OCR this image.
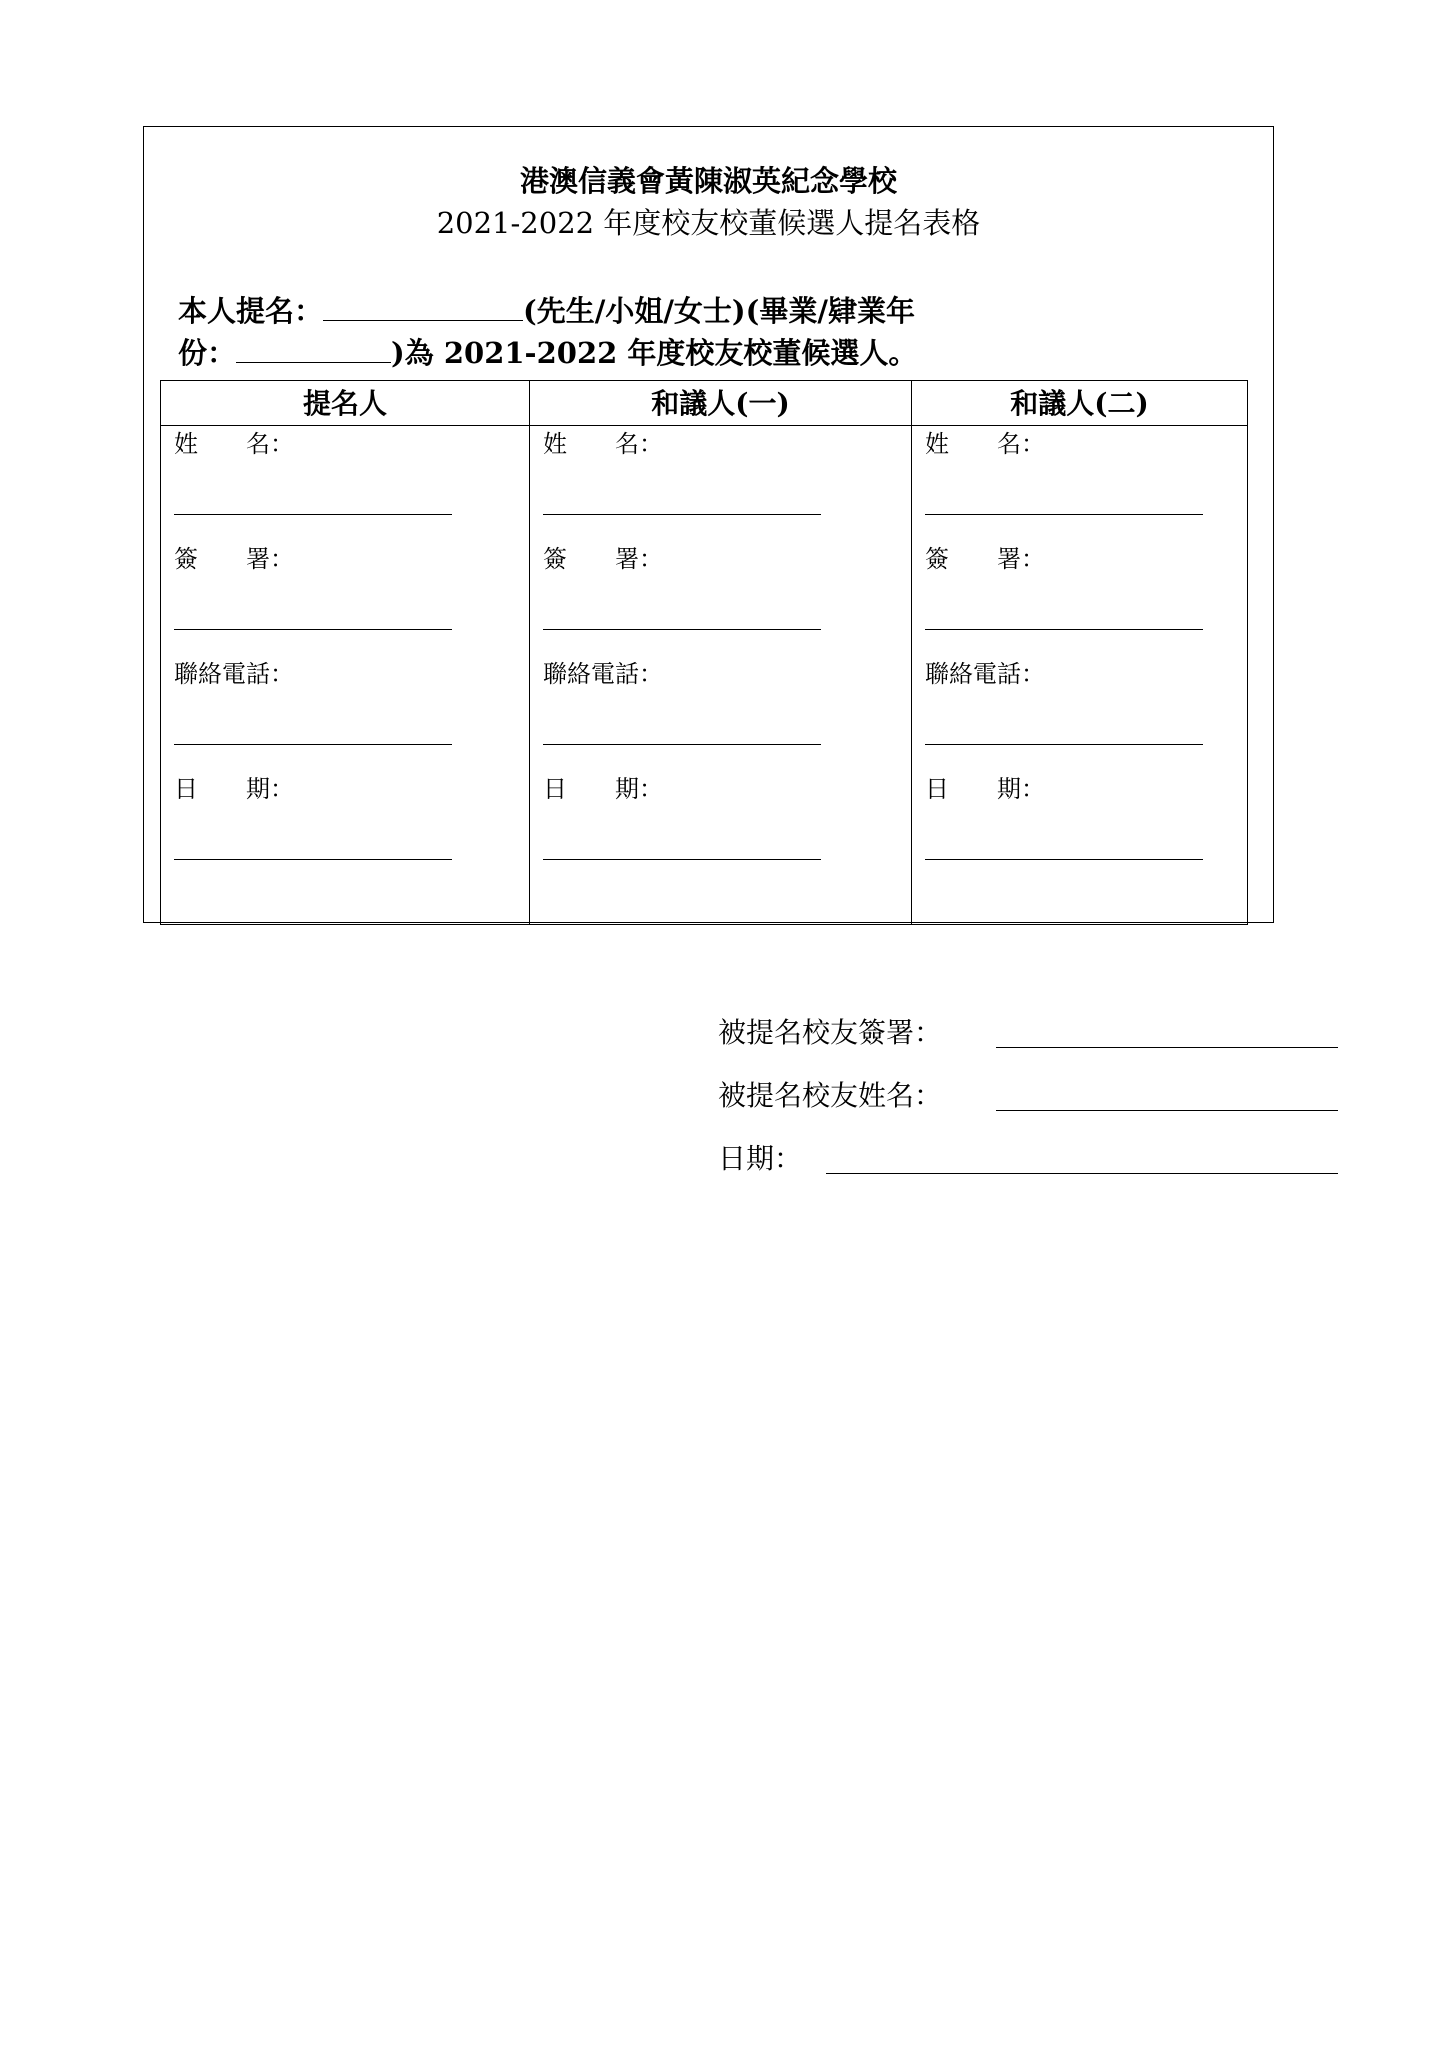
港澳信義會黃陳淑英紀念學校
2021-2022 年度校友校董候選人提名表格
本人提名：	(先生/小姐/女士)(畢業/肄業年
份：	)為 2021-2022 年度校友校董候選人。
提名人
姓　　名：
簽　　署：
聯絡電話：
日　　期：
和議人(一)
姓　　名：
簽　　署：
聯絡電話：
日　　期：
和議人(二)
姓　　名：
簽　　署：
聯絡電話：
日　　期：
被提名校友簽署：
被提名校友姓名：
日期：
